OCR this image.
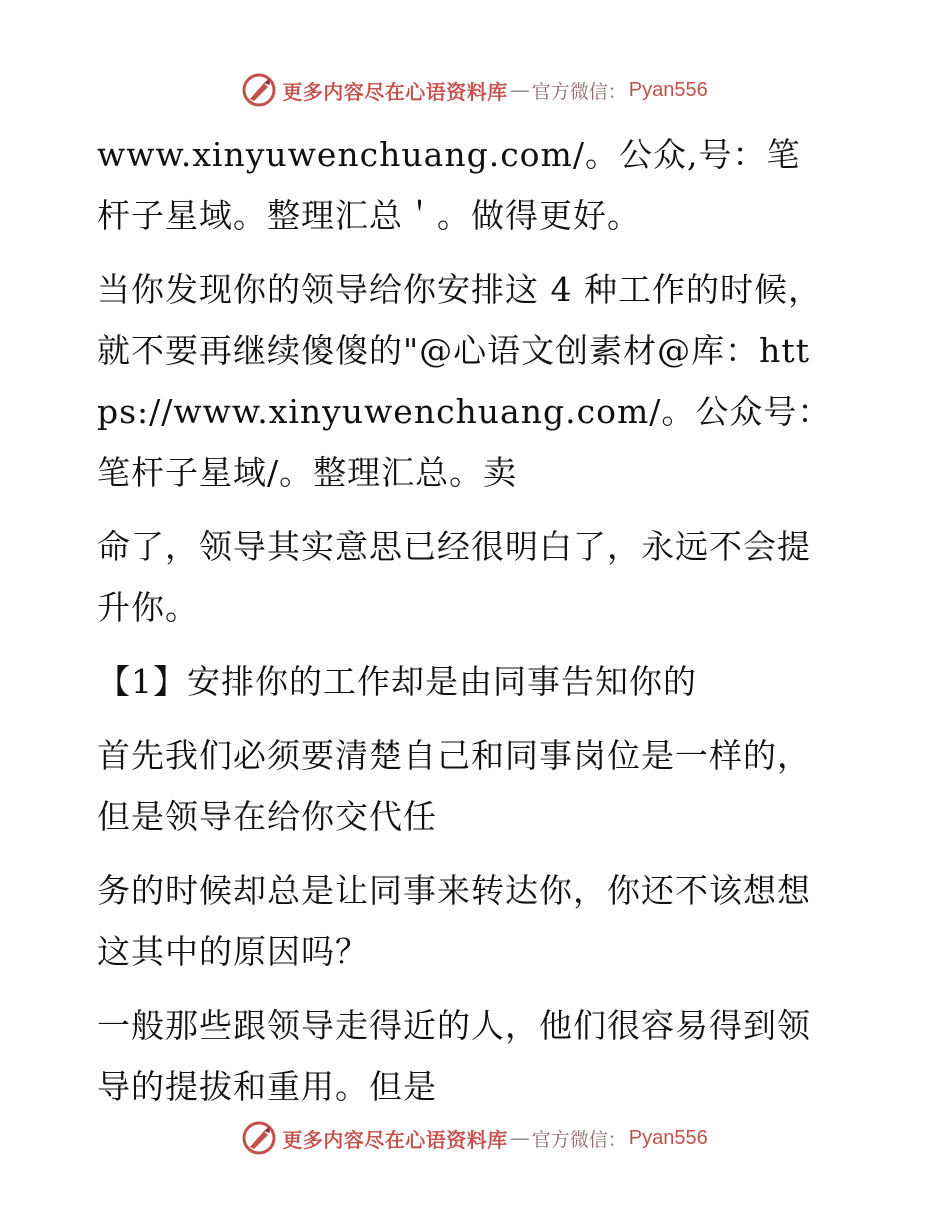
更多内容尽在心语资料库 — 官方微信： Pyan556

www.xinyuwenchuang.com/。公众,号：笔杆子星域。整理汇总＇。做得更好。

当你发现你的领导给你安排这 4 种工作的时候，就不要再继续傻傻的"@心语文创素材@库：https://www.xinyuwenchuang.com/。公众号：笔杆子星域/。整理汇总。卖

命了，领导其实意思已经很明白了，永远不会提升你。

【1】安排你的工作却是由同事告知你的

首先我们必须要清楚自己和同事岗位是一样的，但是领导在给你交代任

务的时候却总是让同事来转达你，你还不该想想这其中的原因吗？

一般那些跟领导走得近的人，他们很容易得到领导的提拔和重用。但是

更多内容尽在心语资料库 — 官方微信： Pyan556
